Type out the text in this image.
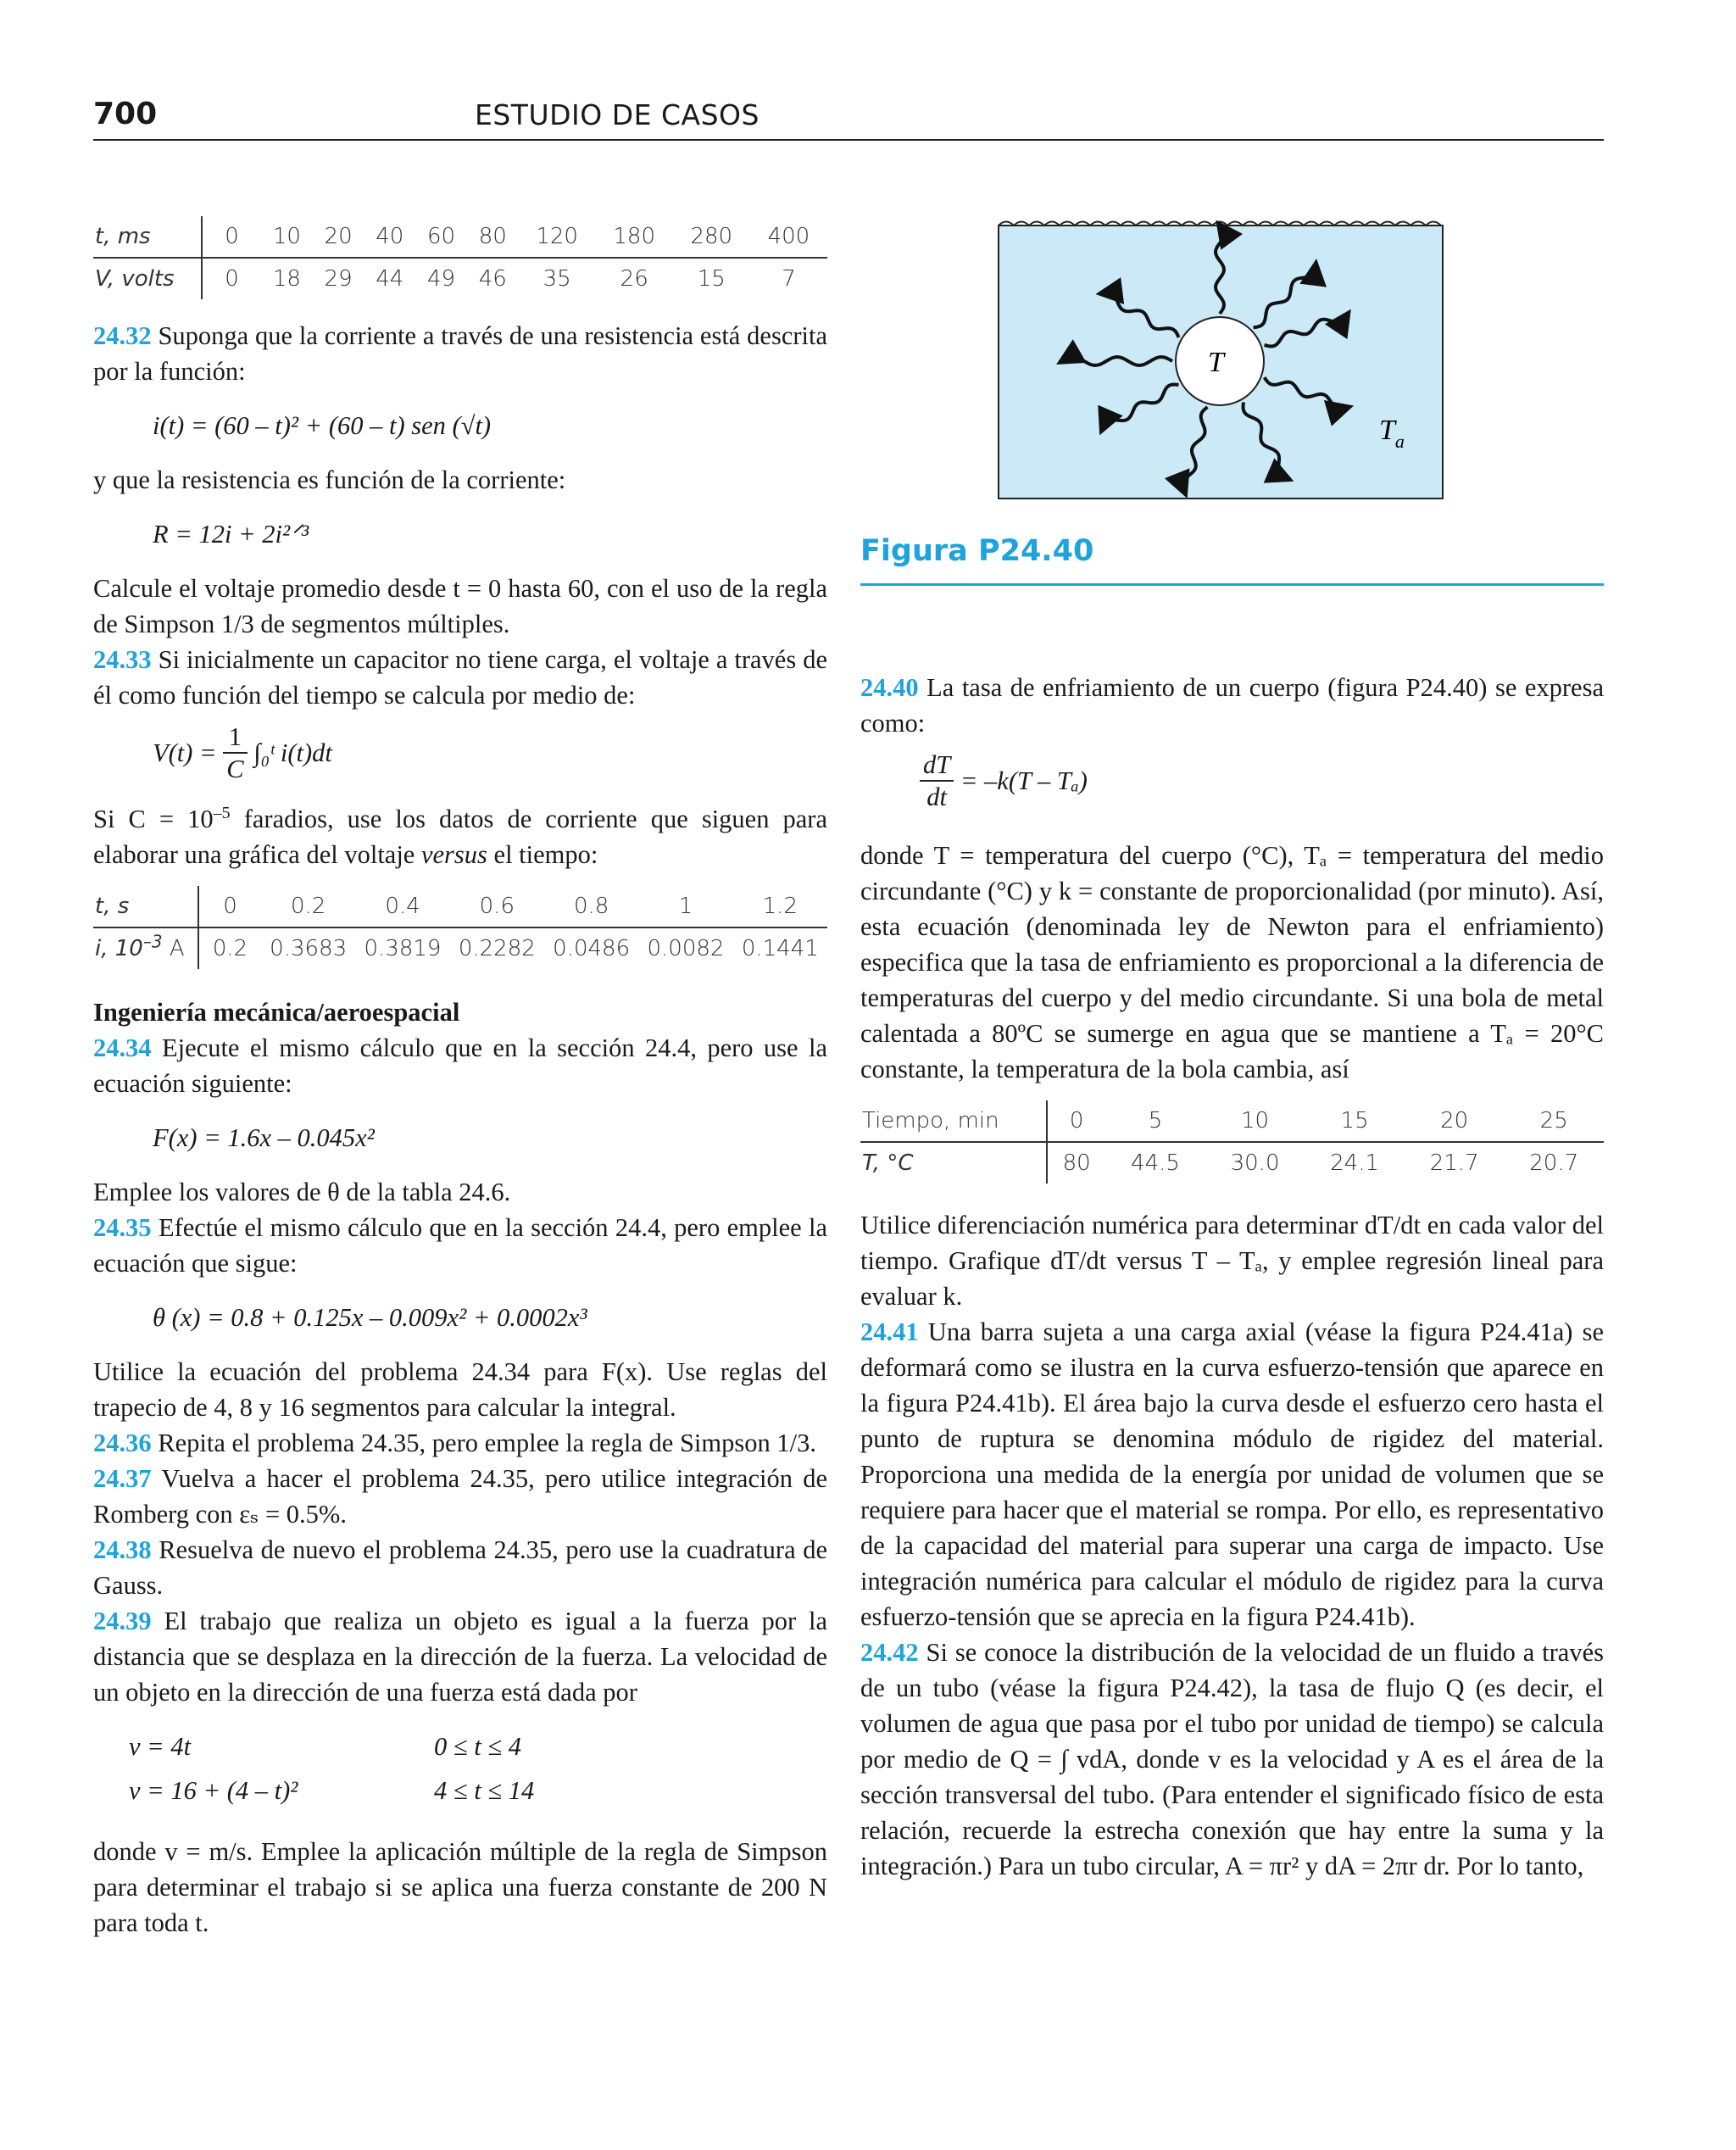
700	ESTUDIO DE CASOS
t, ms	0	10	20	40	60	80	120	180	280	400
V, volts	0	18	29	44	49	46	35	26	15	7

24.32 Suponga que la corriente a través de una resistencia está descrita por la función:

i(t) = (60 – t)² + (60 – t) sen (√t)

y que la resistencia es función de la corriente:

R = 12i + 2i²ᐟ³

Calcule el voltaje promedio desde t = 0 hasta 60, con el uso de la regla de Simpson 1/3 de segmentos múltiples.

24.33 Si inicialmente un capacitor no tiene carga, el voltaje a través de él como función del tiempo se calcula por medio de:

$V(t) = \frac{1}{C}$ ∫₀ᵗ i(t)dt

Si $C = 10^{-5}$ faradios, use los datos de corriente que siguen para elaborar una gráfica del voltaje versus el tiempo:

t, s	0	0.2	0.4	0.6	0.8	1	1.2
i, $10^{-3}$ A	0.2	0.3683	0.3819	0.2282	0.0486	0.0082	0.1441

Ingeniería mecánica/aeroespacial

24.34 Ejecute el mismo cálculo que en la sección 24.4, pero use la ecuación siguiente:

F(x) = 1.6x – 0.045x²

Emplee los valores de θ de la tabla 24.6.

24.35 Efectúe el mismo cálculo que en la sección 24.4, pero emplee la ecuación que sigue:

θ (x) = 0.8 + 0.125x – 0.009x² + 0.0002x³

Utilice la ecuación del problema 24.34 para F(x). Use reglas del trapecio de 4, 8 y 16 segmentos para calcular la integral.

24.36 Repita el problema 24.35, pero emplee la regla de Simpson 1/3.

24.37 Vuelva a hacer el problema 24.35, pero utilice integración de Romberg con εₛ = 0.5%.

24.38 Resuelva de nuevo el problema 24.35, pero use la cuadratura de Gauss.

24.39 El trabajo que realiza un objeto es igual a la fuerza por la distancia que se desplaza en la dirección de la fuerza. La velocidad de un objeto en la dirección de una fuerza está dada por

v = 4t	0 ≤ t ≤ 4
v = 16 + (4 – t)²	4 ≤ t ≤ 14

donde v = m/s. Emplee la aplicación múltiple de la regla de Simpson para determinar el trabajo si se aplica una fuerza constante de 200 N para toda t.

T
$T_a$
Figura P24.40

24.40 La tasa de enfriamiento de un cuerpo (figura P24.40) se expresa como:

$\frac{dT}{dt} = -k(T - T_a)$

donde T = temperatura del cuerpo (°C), Tₐ = temperatura del medio circundante (°C) y k = constante de proporcionalidad (por minuto). Así, esta ecuación (denominada ley de Newton para el enfriamiento) especifica que la tasa de enfriamiento es proporcional a la diferencia de temperaturas del cuerpo y del medio circundante. Si una bola de metal calentada a 80ºC se sumerge en agua que se mantiene a Tₐ = 20°C constante, la temperatura de la bola cambia, así

Tiempo, min	0	5	10	15	20	25
T, °C	80	44.5	30.0	24.1	21.7	20.7

Utilice diferenciación numérica para determinar dT/dt en cada valor del tiempo. Grafique dT/dt versus T – Tₐ, y emplee regresión lineal para evaluar k.

24.41 Una barra sujeta a una carga axial (véase la figura P24.41a) se deformará como se ilustra en la curva esfuerzo-tensión que aparece en la figura P24.41b). El área bajo la curva desde el esfuerzo cero hasta el punto de ruptura se denomina módulo de rigidez del material. Proporciona una medida de la energía por unidad de volumen que se requiere para hacer que el material se rompa. Por ello, es representativo de la capacidad del material para superar una carga de impacto. Use integración numérica para calcular el módulo de rigidez para la curva esfuerzo-tensión que se aprecia en la figura P24.41b).

24.42 Si se conoce la distribución de la velocidad de un fluido a través de un tubo (véase la figura P24.42), la tasa de flujo Q (es decir, el volumen de agua que pasa por el tubo por unidad de tiempo) se calcula por medio de Q = ∫ vdA, donde v es la velocidad y A es el área de la sección transversal del tubo. (Para entender el significado físico de esta relación, recuerde la estrecha conexión que hay entre la suma y la integración.) Para un tubo circular, A = πr² y dA = 2πr dr. Por lo tanto,
